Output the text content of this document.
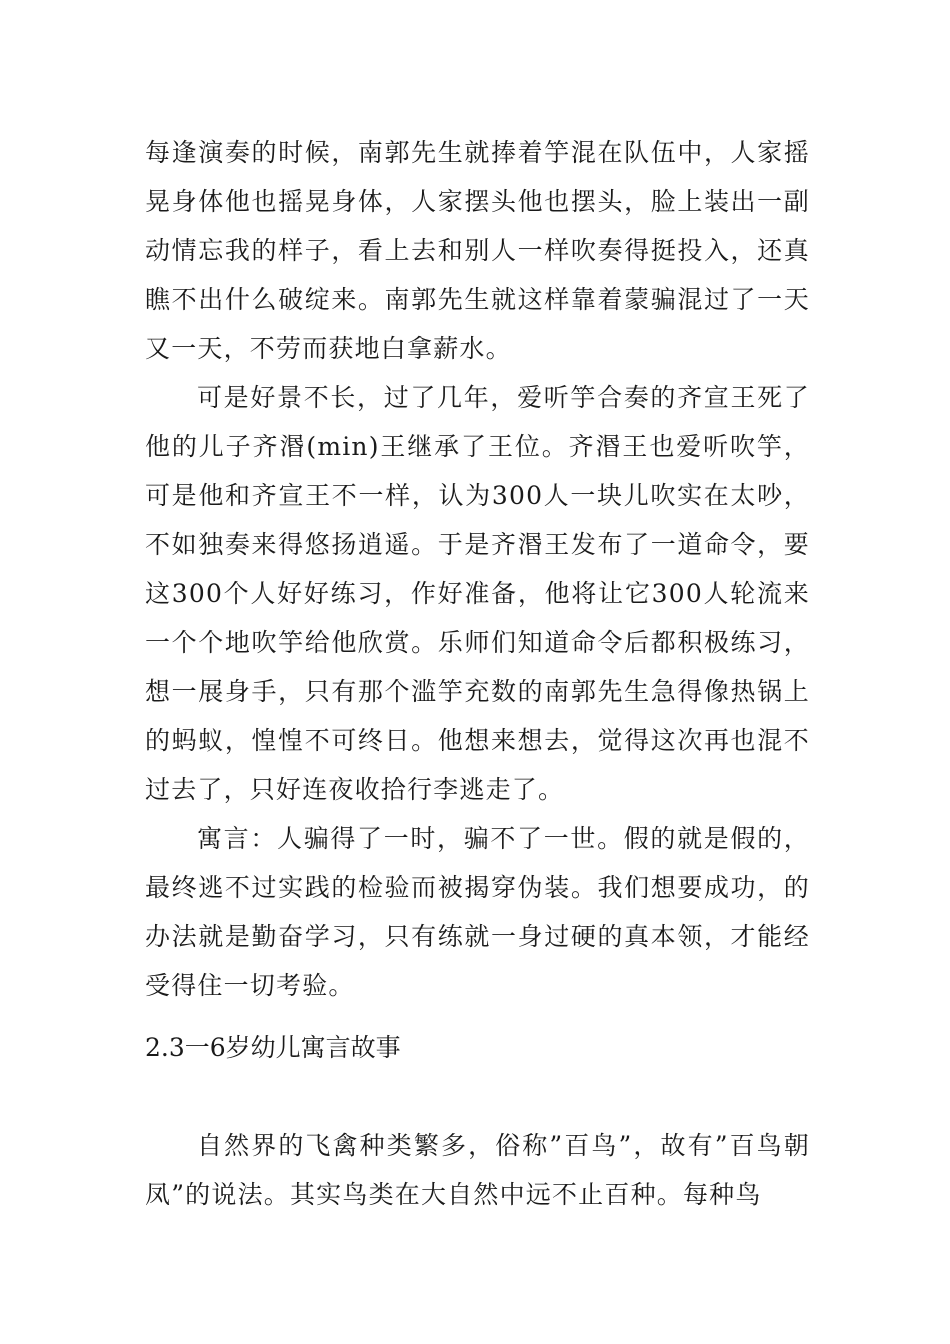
每逢演奏的时候，南郭先生就捧着竽混在队伍中，人家摇晃身体他也摇晃身体，人家摆头他也摆头，脸上装出一副动情忘我的样子，看上去和别人一样吹奏得挺投入，还真瞧不出什么破绽来。南郭先生就这样靠着蒙骗混过了一天又一天，不劳而获地白拿薪水。

可是好景不长，过了几年，爱听竽合奏的齐宣王死了他的儿子齐湣(min)王继承了王位。齐湣王也爱听吹竽，可是他和齐宣王不一样，认为300人一块儿吹实在太吵，不如独奏来得悠扬逍遥。于是齐湣王发布了一道命令，要这300个人好好练习，作好准备，他将让它300人轮流来一个个地吹竽给他欣赏。乐师们知道命令后都积极练习，想一展身手，只有那个滥竽充数的南郭先生急得像热锅上的蚂蚁，惶惶不可终日。他想来想去，觉得这次再也混不过去了，只好连夜收拾行李逃走了。

寓言：人骗得了一时，骗不了一世。假的就是假的，最终逃不过实践的检验而被揭穿伪装。我们想要成功，的办法就是勤奋学习，只有练就一身过硬的真本领，才能经受得住一切考验。

2.3一6岁幼儿寓言故事

自然界的飞禽种类繁多，俗称”百鸟”，故有”百鸟朝凤”的说法。其实鸟类在大自然中远不止百种。每种鸟
